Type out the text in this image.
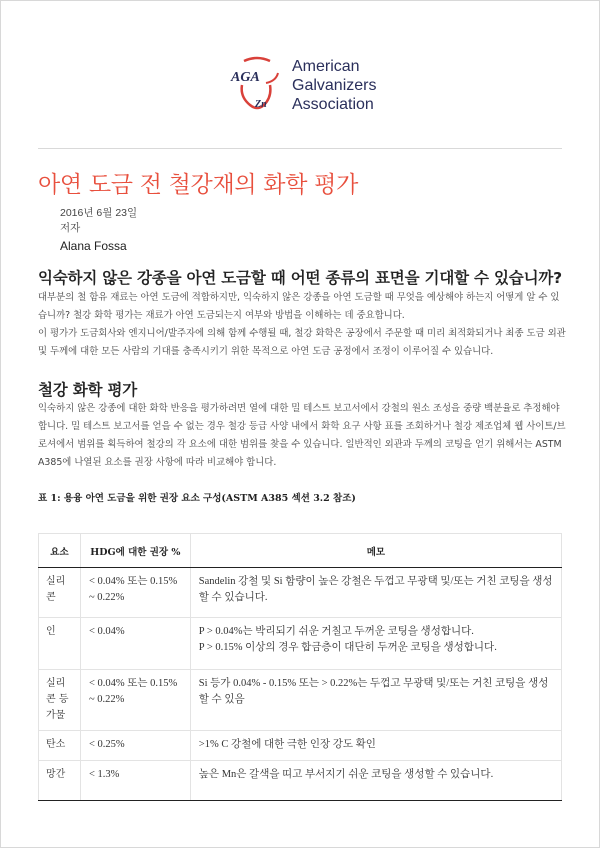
AGA
Zn
American
Galvanizers
Association
아연 도금 전 철강재의 화학 평가
2016년 6월 23일
저자
Alana Fossa
익숙하지 않은 강종을 아연 도금할 때 어떤 종류의 표면을 기대할 수 있습니까?

대부분의 철 함유 재료는 아연 도금에 적합하지만, 익숙하지 않은 강종을 아연 도금할 때 무엇을 예상해야 하는지 어떻게 알 수 있습니까? 철강 화학 평가는 재료가 아연 도금되는지 여부와 방법을 이해하는 데 중요합니다.

이 평가가 도금회사와 엔지니어/발주자에 의해 함께 수행될 때, 철강 화학은 공장에서 주문할 때 미리 최적화되거나 최종 도금 외관 및 두께에 대한 모든 사람의 기대를 충족시키기 위한 목적으로 아연 도금 공정에서 조정이 이루어질 수 있습니다.

철강 화학 평가

익숙하지 않은 강종에 대한 화학 반응을 평가하려면 열에 대한 밀 테스트 보고서에서 강철의 원소 조성을 중량 백분율로 추정해야 합니다. 밀 테스트 보고서를 얻을 수 없는 경우 철강 등급 사양 내에서 화학 요구 사항 표를 조회하거나 철강 제조업체 웹 사이트/브로셔에서 범위를 획득하여 철강의 각 요소에 대한 범위를 찾을 수 있습니다. 일반적인 외관과 두께의 코팅을 얻기 위해서는 ASTM A385에 나열된 요소를 권장 사항에 따라 비교해야 합니다.

표 1: 용융 아연 도금을 위한 권장 요소 구성(ASTM A385 섹션 3.2 참조)
요소	HDG에 대한 권장 %	메모
실리콘	< 0.04% 또는 0.15% ~ 0.22%	Sandelin 강철 및 Si 함량이 높은 강철은 두껍고 무광택 및/또는 거친 코팅을 생성할 수 있습니다.
인	< 0.04%	P > 0.04%는 박리되기 쉬운 거칠고 두꺼운 코팅을 생성합니다.
P > 0.15% 이상의 경우 합금층이 대단히 두꺼운 코팅을 생성합니다.

실리콘 등가물	< 0.04% 또는 0.15% ~ 0.22%	Si 등가 0.04% - 0.15% 또는 > 0.22%는 두껍고 무광택 및/또는 거친 코팅을 생성 할 수 있음
탄소	< 0.25%	>1% C 강철에 대한 극한 인장 강도 확인
망간	< 1.3%	높은 Mn은 갈색을 띠고 부서지기 쉬운 코팅을 생성할 수 있습니다.
